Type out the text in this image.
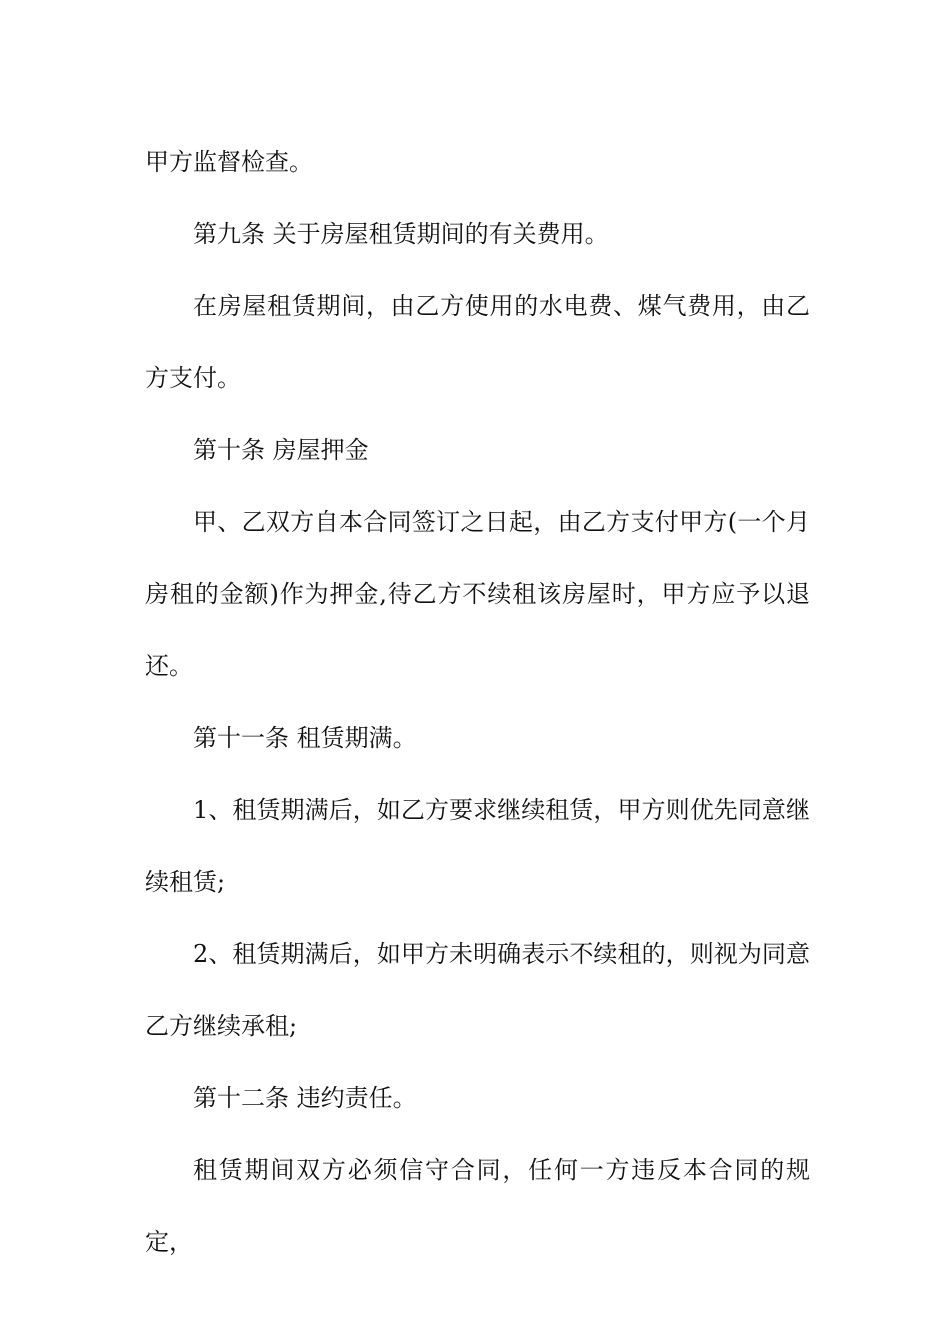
甲方监督检查。

第九条 关于房屋租赁期间的有关费用。

在房屋租赁期间，由乙方使用的水电费、煤气费用，由乙方支付。

第十条 房屋押金

甲、乙双方自本合同签订之日起，由乙方支付甲方(一个月房租的金额)作为押金,待乙方不续租该房屋时，甲方应予以退还。

第十一条 租赁期满。

1、租赁期满后，如乙方要求继续租赁，甲方则优先同意继续租赁;

2、租赁期满后，如甲方未明确表示不续租的，则视为同意乙方继续承租;

第十二条 违约责任。

租赁期间双方必须信守合同，任何一方违反本合同的规定，
